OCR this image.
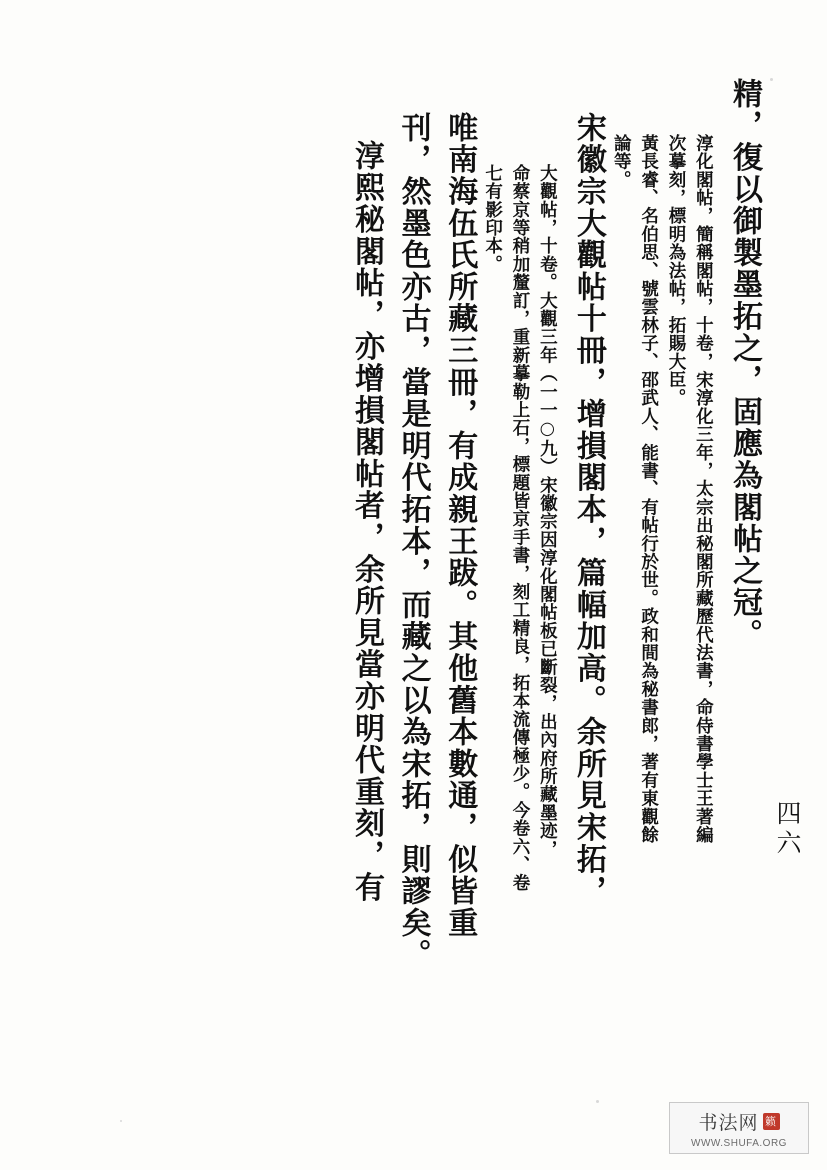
精，復以御製墨拓之，固應為閣帖之冠。
淳化閣帖，簡稱閣帖，十卷，宋淳化三年，太宗出秘閣所藏歷代法書，命侍書學士王著編
次摹刻，標明為法帖，拓賜大臣。
黃長睿、名伯思、號雲林子、邵武人、能書、有帖行於世。政和間為秘書郎，著有東觀餘
論等。
宋徽宗大觀帖十冊，增損閣本，篇幅加高。余所見宋拓，
大觀帖，十卷。大觀三年（一一○九）宋徽宗因淳化閣帖板已斷裂，出內府所藏墨迹，
命蔡京等稍加釐訂，重新摹勒上石，標題皆京手書，刻工精良，拓本流傳極少。今卷六、卷
七有影印本。
唯南海伍氏所藏三冊，有成親王跋。其他舊本數通，似皆重
刊，然墨色亦古，當是明代拓本，而藏之以為宋拓，則謬矣。
淳熙秘閣帖，亦增損閣帖者，余所見當亦明代重刻，有	四六
书法网 籁
WWW.SHUFA.ORG
